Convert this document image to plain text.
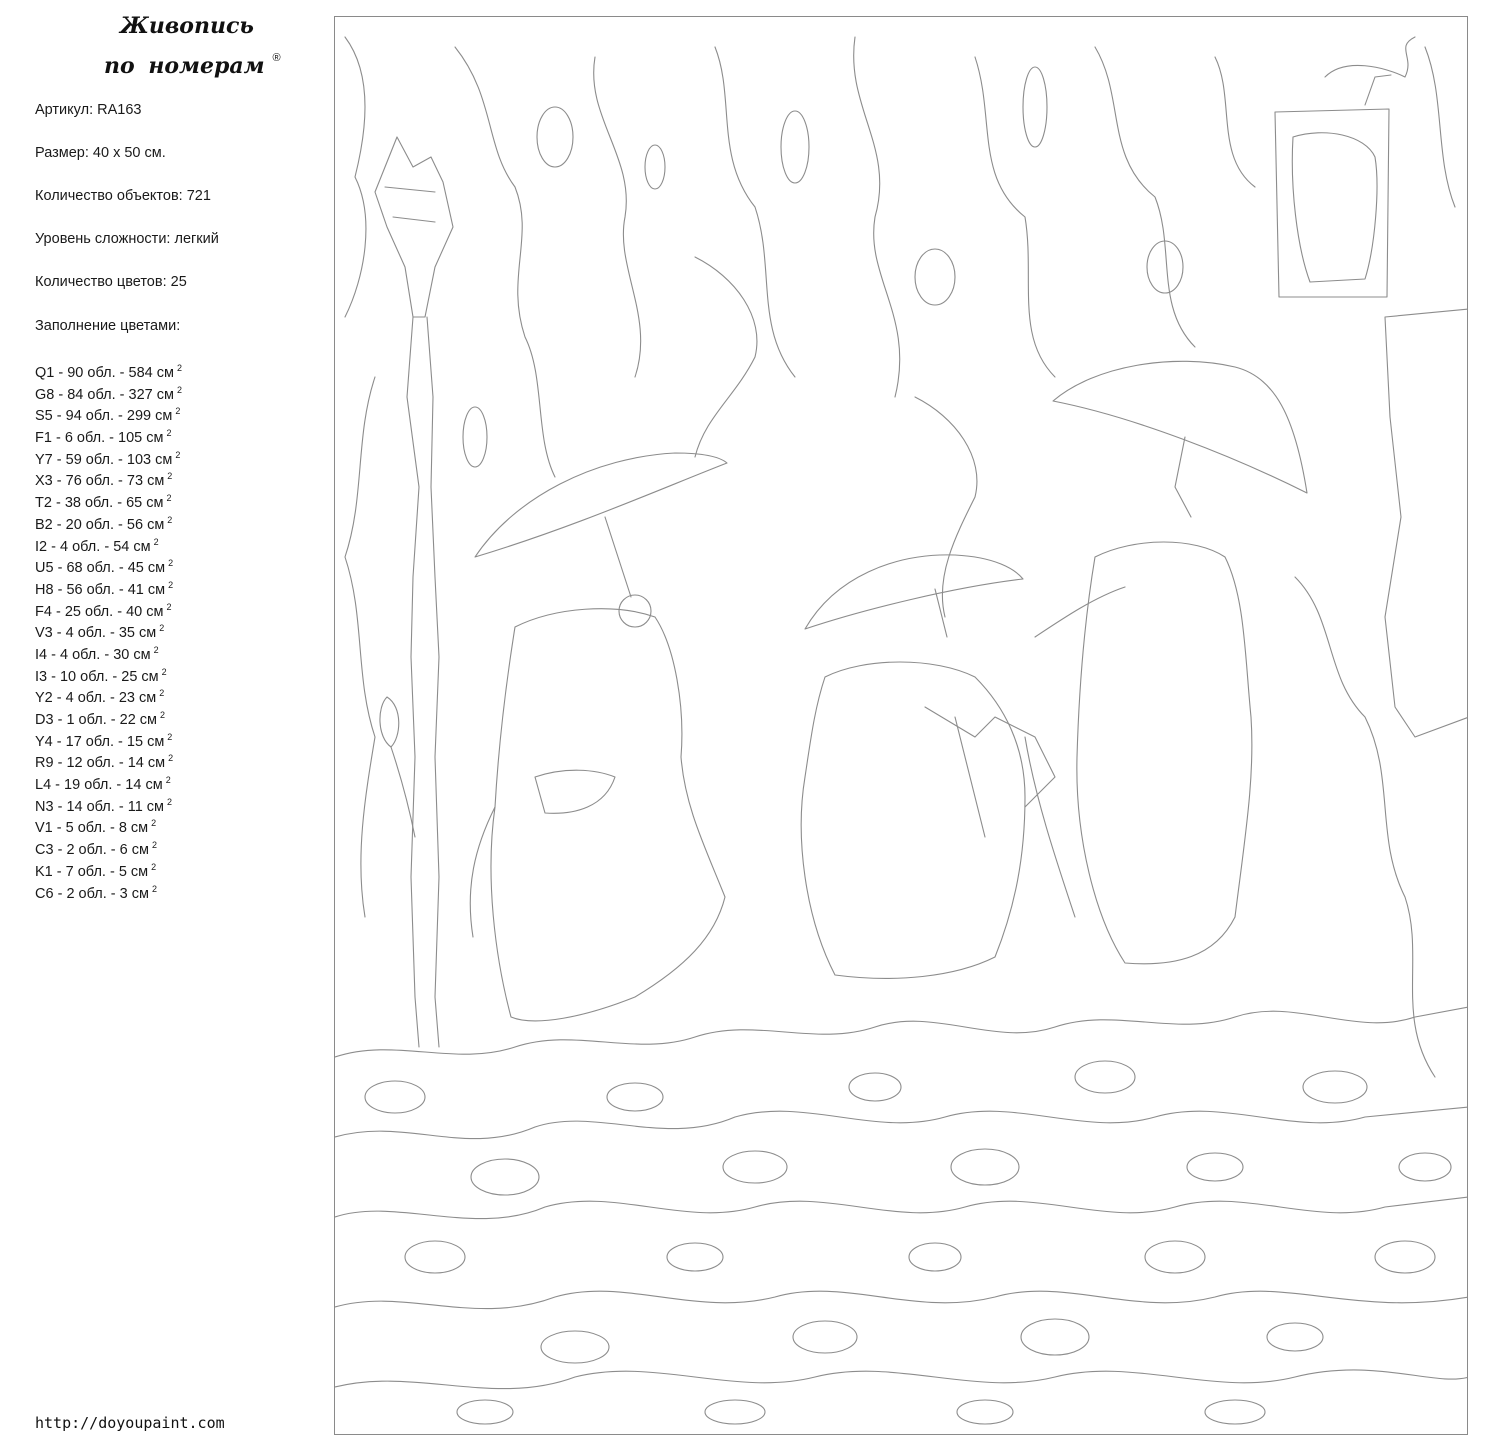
Живопись
по номерам ®
Артикул : RA163
Размер : 40 х 50 см.
Количество объектов : 721
Уровень сложности : легкий
Количество цветов : 25
Заполнение цветами:
Q1 - 90 обл. - 584 см $^2$
G8 - 84 обл. - 327 см $^2$
S5 - 94 обл. - 299 см $^2$
F1 - 6 обл. - 105 см $^2$
Y7 - 59 обл. - 103 см $^2$
X3 - 76 обл. - 73 см $^2$
T2 - 38 обл. - 65 см $^2$
B2 - 20 обл. - 56 см $^2$
I2 - 4 обл. - 54 см $^2$
U5 - 68 обл. - 45 см $^2$
H8 - 56 обл. - 41 см $^2$
F4 - 25 обл. - 40 см $^2$
V3 - 4 обл. - 35 см $^2$
I4 - 4 обл. - 30 см $^2$
I3 - 10 обл. - 25 см $^2$
Y2 - 4 обл. - 23 см $^2$
D3 - 1 обл. - 22 см $^2$
Y4 - 17 обл. - 15 см $^2$
R9 - 12 обл. - 14 см $^2$
L4 - 19 обл. - 14 см $^2$
N3 - 14 обл. - 11 см $^2$
V1 - 5 обл. - 8 см $^2$
C3 - 2 обл. - 6 см $^2$
K1 - 7 обл. - 5 см $^2$
C6 - 2 обл. - 3 см $^2$
http://doyoupaint.com
